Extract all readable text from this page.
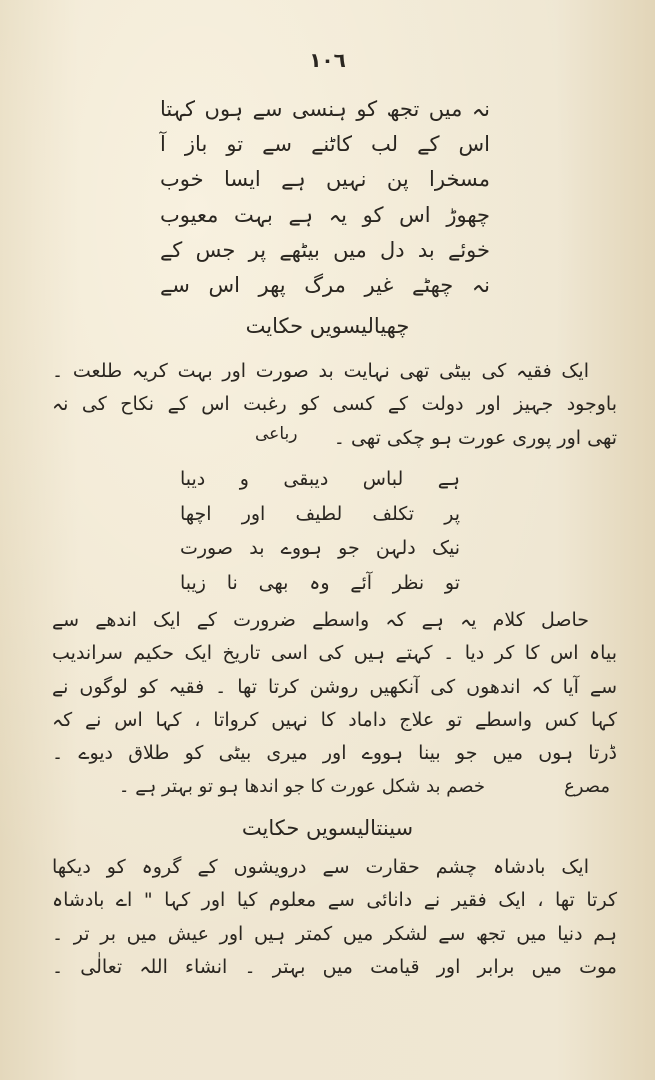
١٠٦
نہ میں تجھ کو ہنسی سے ہوں کہتا
اس کے لب کاٹنے سے تو باز آ
مسخرا پن نہیں ہے ایسا خوب
چھوڑ اس کو یہ ہے بہت معیوب
خوئے بد دل میں بیٹھے پر جس کے
نہ چھٹے غیر مرگ پھر اس سے
چھیالیسویں حکایت
ایک فقیہ کی بیٹی تھی نہایت بد صورت اور بہت کریہ طلعت ۔
باوجود جہیز اور دولت کے کسی کو رغبت اس کے نکاح کی نہ
تھی اور پوری عورت ہو چکی تھی ۔
رباعی
ہے لباس دیبقی و دیبا
پر تکلف لطیف اور اچھا
نیک دلہن جو ہووے بد صورت
تو نظر آئے وہ بھی نا زیبا
حاصل کلام یہ ہے کہ واسطے ضرورت کے ایک اندھے سے
بیاہ اس کا کر دیا ۔ کہتے ہیں کی اسی تاریخ ایک حکیم سراندیب
سے آیا کہ اندھوں کی آنکھیں روشن کرتا تھا ۔ فقیہ کو لوگوں نے
کہا کس واسطے تو علاج داماد کا نہیں کرواتا ، کہا اس نے کہ
ڈرتا ہوں میں جو بینا ہووے اور میری بیٹی کو طلاق دیوے ۔
مصرع
خصم بد شکل عورت کا جو اندھا ہو تو بہتر ہے ۔
سینتالیسویں حکایت
ایک بادشاہ چشم حقارت سے درویشوں کے گروہ کو دیکھا
کرتا تھا ، ایک فقیر نے دانائی سے معلوم کیا اور کہا " اے بادشاہ
ہم دنیا میں تجھ سے لشکر میں کمتر ہیں اور عیش میں بر تر ۔
موت میں برابر اور قیامت میں بہتر ۔ انشاء اللہ تعالٰی ۔
